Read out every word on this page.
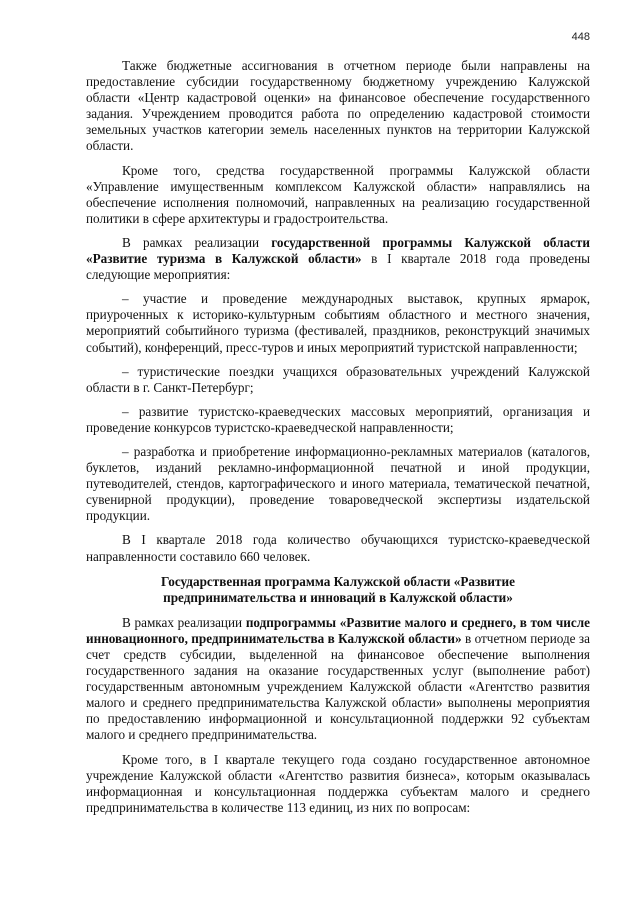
448

Также бюджетные ассигнования в отчетном периоде были направлены на предоставление субсидии государственному бюджетному учреждению Калужской области «Центр кадастровой оценки» на финансовое обеспечение государственного задания. Учреждением проводится работа по определению кадастровой стоимости земельных участков категории земель населенных пунктов на территории Калужской области.

Кроме того, средства государственной программы Калужской области «Управление имущественным комплексом Калужской области» направлялись на обеспечение исполнения полномочий, направленных на реализацию государственной политики в сфере архитектуры и градостроительства.

В рамках реализации государственной программы Калужской области «Развитие туризма в Калужской области» в I квартале 2018 года проведены следующие мероприятия:

– участие и проведение международных выставок, крупных ярмарок, приуроченных к историко-культурным событиям областного и местного значения, мероприятий событийного туризма (фестивалей, праздников, реконструкций значимых событий), конференций, пресс-туров и иных мероприятий туристской направленности;

– туристические поездки учащихся образовательных учреждений Калужской области в г. Санкт-Петербург;

– развитие туристско-краеведческих массовых мероприятий, организация и проведение конкурсов туристско-краеведческой направленности;

– разработка и приобретение информационно-рекламных материалов (каталогов, буклетов, изданий рекламно-информационной печатной и иной продукции, путеводителей, стендов, картографического и иного материала, тематической печатной, сувенирной продукции), проведение товароведческой экспертизы издательской продукции.

В I квартале 2018 года количество обучающихся туристско-краеведческой направленности составило 660 человек.

Государственная программа Калужской области «Развитие
предпринимательства и инноваций в Калужской области»

В рамках реализации подпрограммы «Развитие малого и среднего, в том числе инновационного, предпринимательства в Калужской области» в отчетном периоде за счет средств субсидии, выделенной на финансовое обеспечение выполнения государственного задания на оказание государственных услуг (выполнение работ) государственным автономным учреждением Калужской области «Агентство развития малого и среднего предпринимательства Калужской области» выполнены мероприятия по предоставлению информационной и консультационной поддержки 92 субъектам малого и среднего предпринимательства.

Кроме того, в I квартале текущего года создано государственное автономное учреждение Калужской области «Агентство развития бизнеса», которым оказывалась информационная и консультационная поддержка субъектам малого и среднего предпринимательства в количестве 113 единиц, из них по вопросам:
